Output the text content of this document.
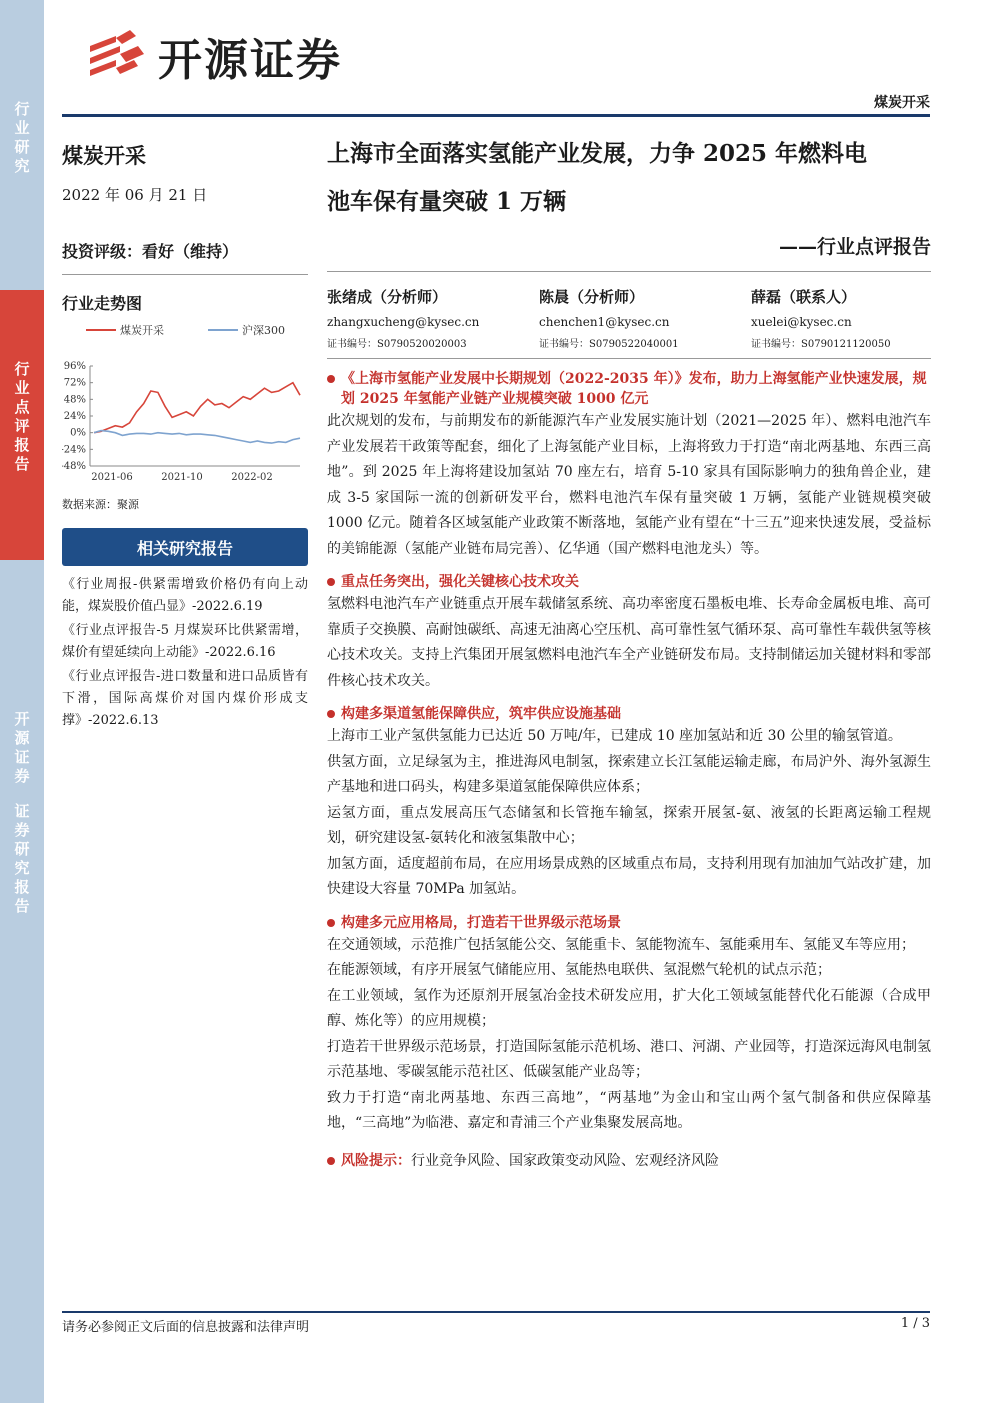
行
业
研
究
行
业
点
评
报
告
开
源
证
券
证
券
研
究
报
告
开源证券
煤炭开采
煤炭开采
2022 年 06 月 21 日
投资评级：看好（维持）
行业走势图
煤炭开采	沪深300
96%
72%
48%
24%
0%
-24%
-48%
2021-06	2021-10	2022-02
数据来源：聚源
相关研究报告

《行业周报-供紧需增致价格仍有向上动能，煤炭股价值凸显》-2022.6.19

《行业点评报告-5 月煤炭环比供紧需增，煤价有望延续向上动能》-2022.6.16

《行业点评报告-进口数量和进口品质皆有下滑，国际高煤价对国内煤价形成支撑》-2022.6.13

上海市全面落实氢能产业发展，力争 2025 年燃料电
池车保有量突破 1 万辆
——行业点评报告
张绪成（分析师）
zhangxucheng@kysec.cn
证书编号：S0790520020003
陈晨（分析师）
chenchen1@kysec.cn
证书编号：S0790522040001
薛磊（联系人）
xuelei@kysec.cn
证书编号：S0790121120050
《上海市氢能产业发展中长期规划（2022-2035 年）》发布，助力上海氢能产业快速发展，规划 2025 年氢能产业链产业规模突破 1000 亿元
此次规划的发布，与前期发布的新能源汽车产业发展实施计划（2021—2025 年）、燃料电池汽车产业发展若干政策等配套，细化了上海氢能产业目标，上海将致力于打造“南北两基地、东西三高地”。到 2025 年上海将建设加氢站 70 座左右，培育 5-10 家具有国际影响力的独角兽企业，建成 3-5 家国际一流的创新研发平台，燃料电池汽车保有量突破 1 万辆，氢能产业链规模突破 1000 亿元。随着各区域氢能产业政策不断落地，氢能产业有望在“十三五”迎来快速发展，受益标的美锦能源（氢能产业链布局完善）、亿华通（国产燃料电池龙头）等。
重点任务突出，强化关键核心技术攻关
氢燃料电池汽车产业链重点开展车载储氢系统、高功率密度石墨板电堆、长寿命金属板电堆、高可靠质子交换膜、高耐蚀碳纸、高速无油离心空压机、高可靠性氢气循环泵、高可靠性车载供氢等核心技术攻关。支持上汽集团开展氢燃料电池汽车全产业链研发布局。支持制储运加关键材料和零部件核心技术攻关。
构建多渠道氢能保障供应，筑牢供应设施基础
上海市工业产氢供氢能力已达近 50 万吨/年，已建成 10 座加氢站和近 30 公里的输氢管道。
供氢方面，立足绿氢为主，推进海风电制氢，探索建立长江氢能运输走廊，布局沪外、海外氢源生产基地和进口码头，构建多渠道氢能保障供应体系；
运氢方面，重点发展高压气态储氢和长管拖车输氢，探索开展氢-氨、液氢的长距离运输工程规划，研究建设氢-氨转化和液氢集散中心；
加氢方面，适度超前布局，在应用场景成熟的区域重点布局，支持利用现有加油加气站改扩建，加快建设大容量 70MPa 加氢站。
构建多元应用格局，打造若干世界级示范场景
在交通领域，示范推广包括氢能公交、氢能重卡、氢能物流车、氢能乘用车、氢能叉车等应用；
在能源领域，有序开展氢气储能应用、氢能热电联供、氢混燃气轮机的试点示范；
在工业领域，氢作为还原剂开展氢冶金技术研发应用，扩大化工领域氢能替代化石能源（合成甲醇、炼化等）的应用规模；
打造若干世界级示范场景，打造国际氢能示范机场、港口、河湖、产业园等，打造深远海风电制氢示范基地、零碳氢能示范社区、低碳氢能产业岛等；
致力于打造“南北两基地、东西三高地”，“两基地”为金山和宝山两个氢气制备和供应保障基地，“三高地”为临港、嘉定和青浦三个产业集聚发展高地。
风险提示： 行业竞争风险、国家政策变动风险、宏观经济风险
请务必参阅正文后面的信息披露和法律声明	1 / 3
